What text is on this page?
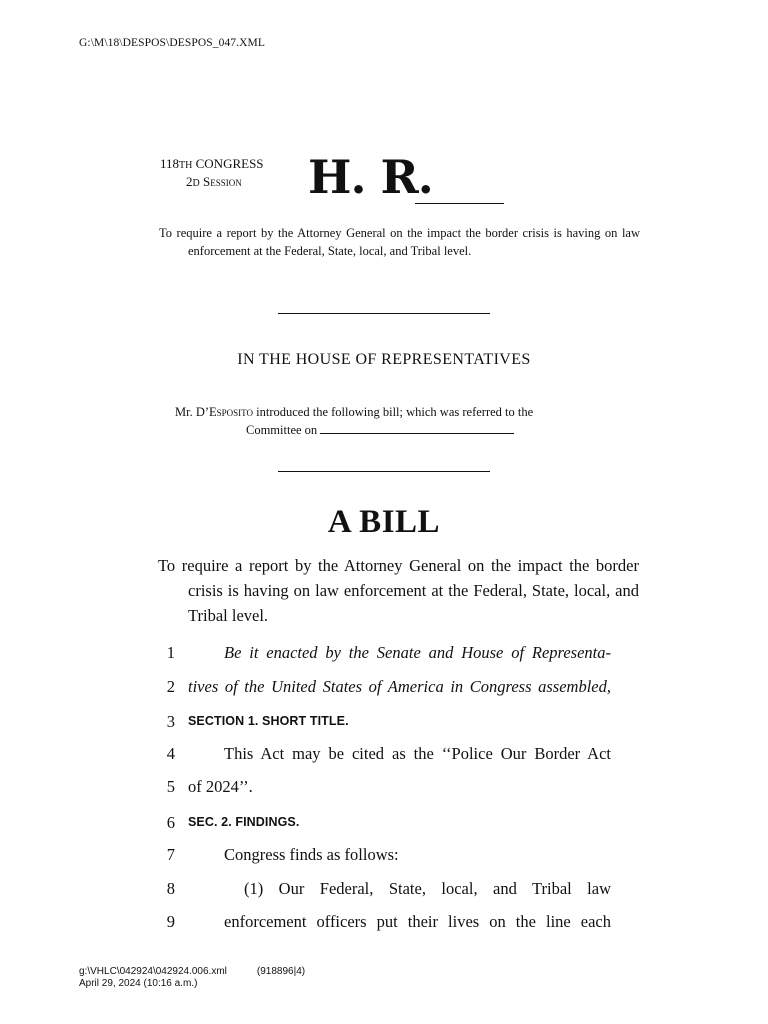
G:\M\18\DESPOS\DESPOS_047.XML
118TH CONGRESS
2D Session	H. R.
To require a report by the Attorney General on the impact the border crisis is having on law enforcement at the Federal, State, local, and Tribal level.
IN THE HOUSE OF REPRESENTATIVES
Mr. D’Esposito introduced the following bill; which was referred to the
Committee on
A BILL
To require a report by the Attorney General on the impact the border crisis is having on law enforcement at the Federal, State, local, and Tribal level.
1	Be it enacted by the Senate and House of Representa-
2 tives of the United States of America in Congress assembled,
3 SECTION 1. SHORT TITLE.
4	This Act may be cited as the ‘‘Police Our Border Act
5 of 2024’’.
6 SEC. 2. FINDINGS.
7	Congress finds as follows:
8	(1) Our Federal, State, local, and Tribal law
9	enforcement officers put their lives on the line each
g:\VHLC\042924\042924.006.xml	(918896|4)
April 29, 2024 (10:16 a.m.)
